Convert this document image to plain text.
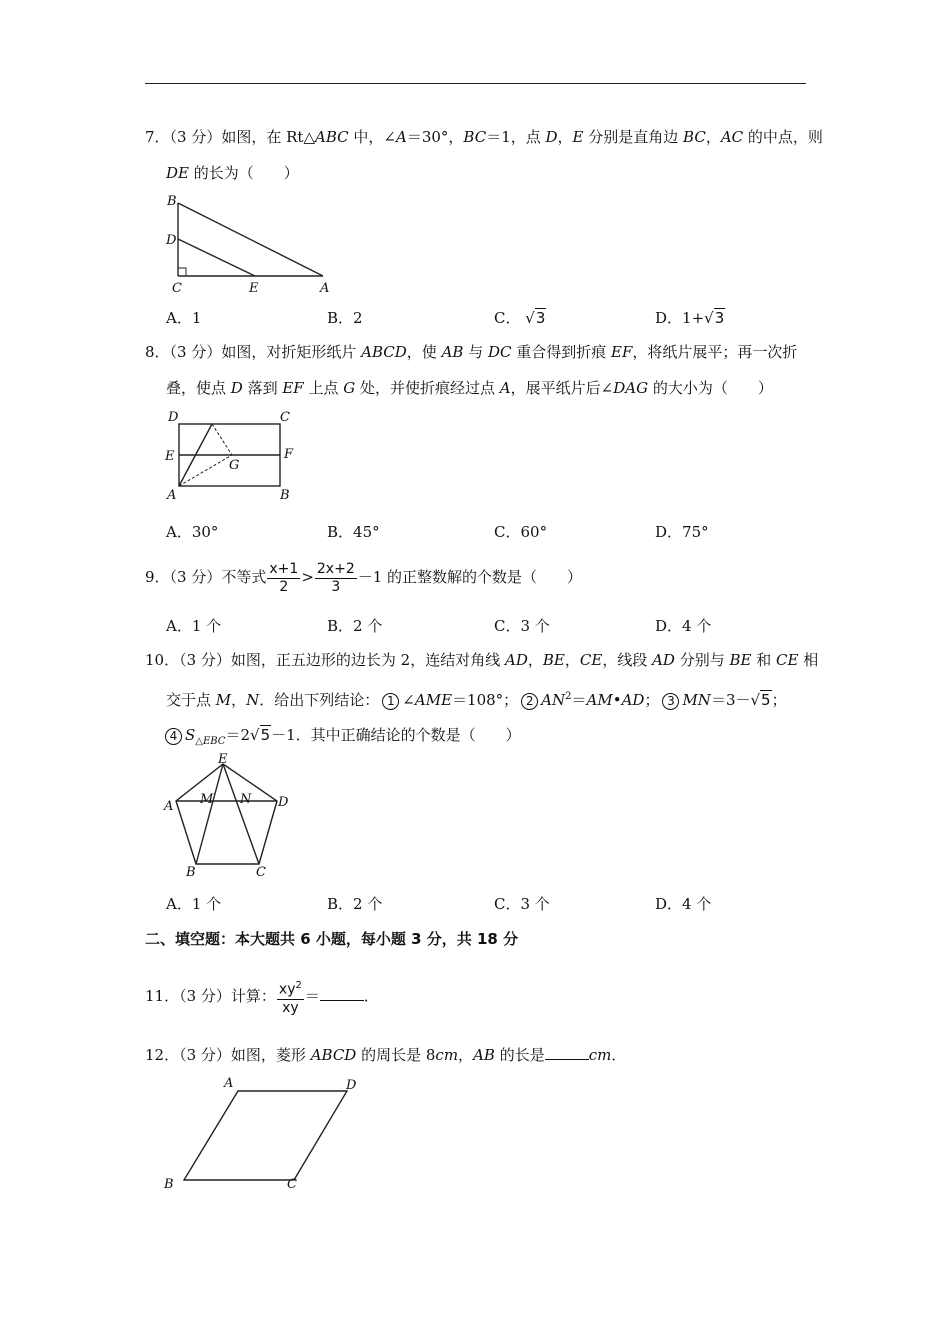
7．（3 分）如图，在 Rt△ABC 中，∠A＝30°，BC＝1，点 D，E 分别是直角边 BC，AC 的中点，则
DE 的长为（　　）
B
D
C	E	A
A．1	B．2	C． √3	D．1+√3
8．（3 分）如图，对折矩形纸片 ABCD，使 AB 与 DC 重合得到折痕 EF，将纸片展平；再一次折
叠，使点 D 落到 EF 上点 G 处，并使折痕经过点 A，展平纸片后∠DAG 的大小为（　　）
D	C
E	F
G
A	B
A．30°	B．45°	C．60°	D．75°
9．（3 分）不等式 $\frac{x+1}{2} > \frac{2x+2}{3} -1$ 的正整数解的个数是（　　）
A．1 个	B．2 个	C．3 个	D．4 个
10．（3 分）如图，正五边形的边长为 2，连结对角线 AD，BE，CE，线段 AD 分别与 BE 和 CE 相
交于点 M，N．给出下列结论： 1 ∠AME＝108°； 2 $AN^2=AM•AD$； 3 MN＝3－√5；
4 $S_{\triangle EBC}=2√5-1$．其中正确结论的个数是（　　）
E
A M N D
B	C
A．1 个	B．2 个	C．3 个	D．4 个
二、填空题：本大题共 6 小题，每小题 3 分，共 18 分
11．（3 分）计算： $\frac{xy^2}{xy}$ ＝	．
12．（3 分）如图，菱形 ABCD 的周长是 8cm，AB 的长是	cm．
A	D
B	C
